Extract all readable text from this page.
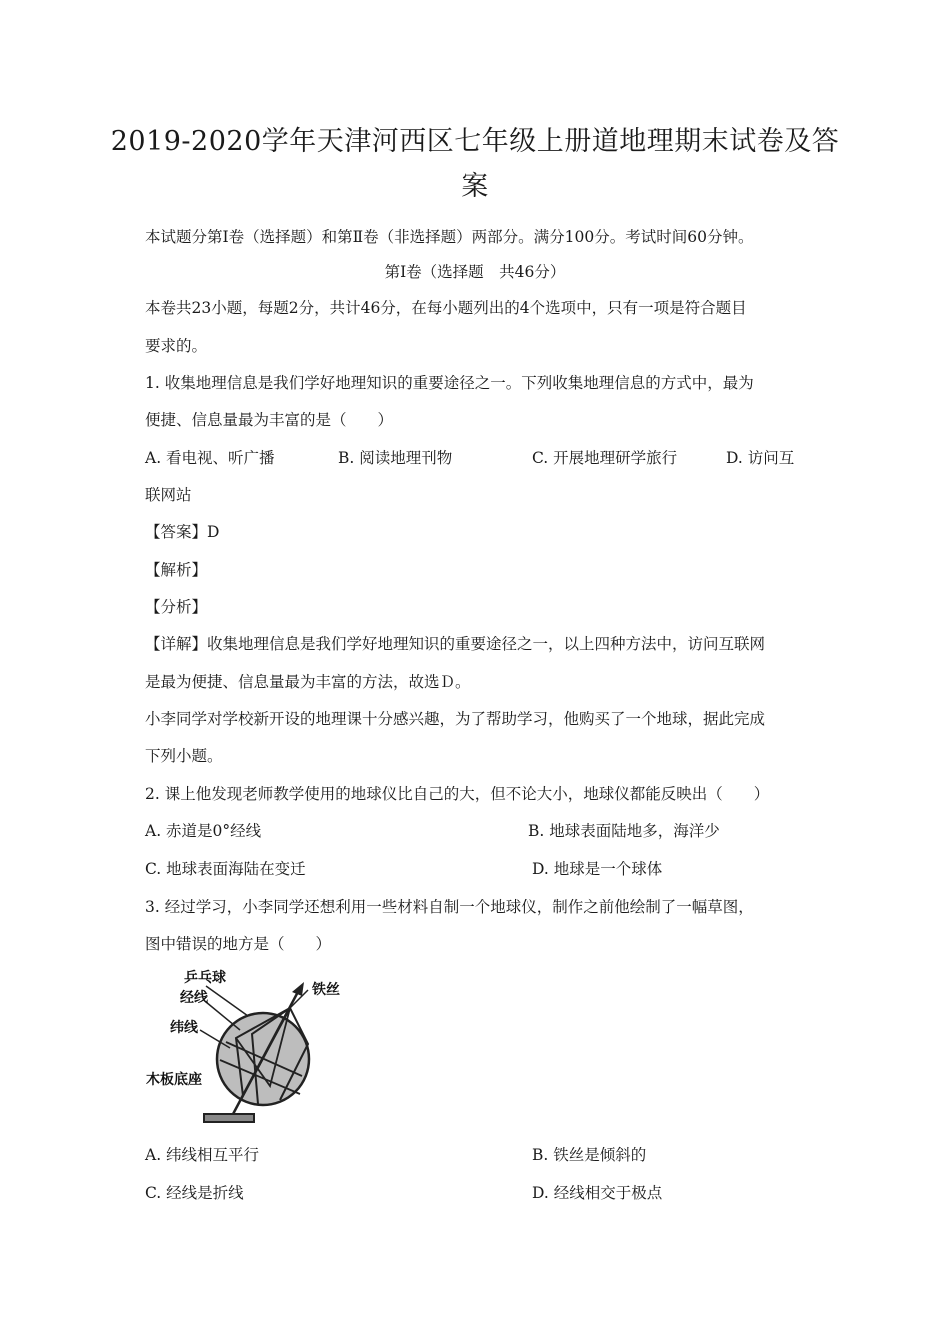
2019-2020学年天津河西区七年级上册道地理期末试卷及答
案
本试题分第Ⅰ卷（选择题）和第Ⅱ卷（非选择题）两部分。满分100分。考试时间60分钟。
第Ⅰ卷（选择题　共46分）
本卷共23小题，每题2分，共计46分，在每小题列出的4个选项中，只有一项是符合题目
要求的。
1. 收集地理信息是我们学好地理知识的重要途径之一。下列收集地理信息的方式中，最为
便捷、信息量最为丰富的是（　　）
A. 看电视、听广播	B. 阅读地理刊物	C. 开展地理研学旅行	D. 访问互
联网站
【答案】D
【解析】
【分析】
【详解】收集地理信息是我们学好地理知识的重要途径之一，以上四种方法中，访问互联网
是最为便捷、信息量最为丰富的方法，故选Ｄ。
小李同学对学校新开设的地理课十分感兴趣，为了帮助学习，他购买了一个地球，据此完成
下列小题。
2. 课上他发现老师教学使用的地球仪比自己的大，但不论大小，地球仪都能反映出（　　）
A. 赤道是0°经线	B. 地球表面陆地多，海洋少
C. 地球表面海陆在变迁	D. 地球是一个球体
3. 经过学习，小李同学还想利用一些材料自制一个地球仪，制作之前他绘制了一幅草图，
图中错误的地方是（　　）
乒乓球
经线	铁丝
纬线
木板底座
A. 纬线相互平行	B. 铁丝是倾斜的
C. 经线是折线	D. 经线相交于极点
